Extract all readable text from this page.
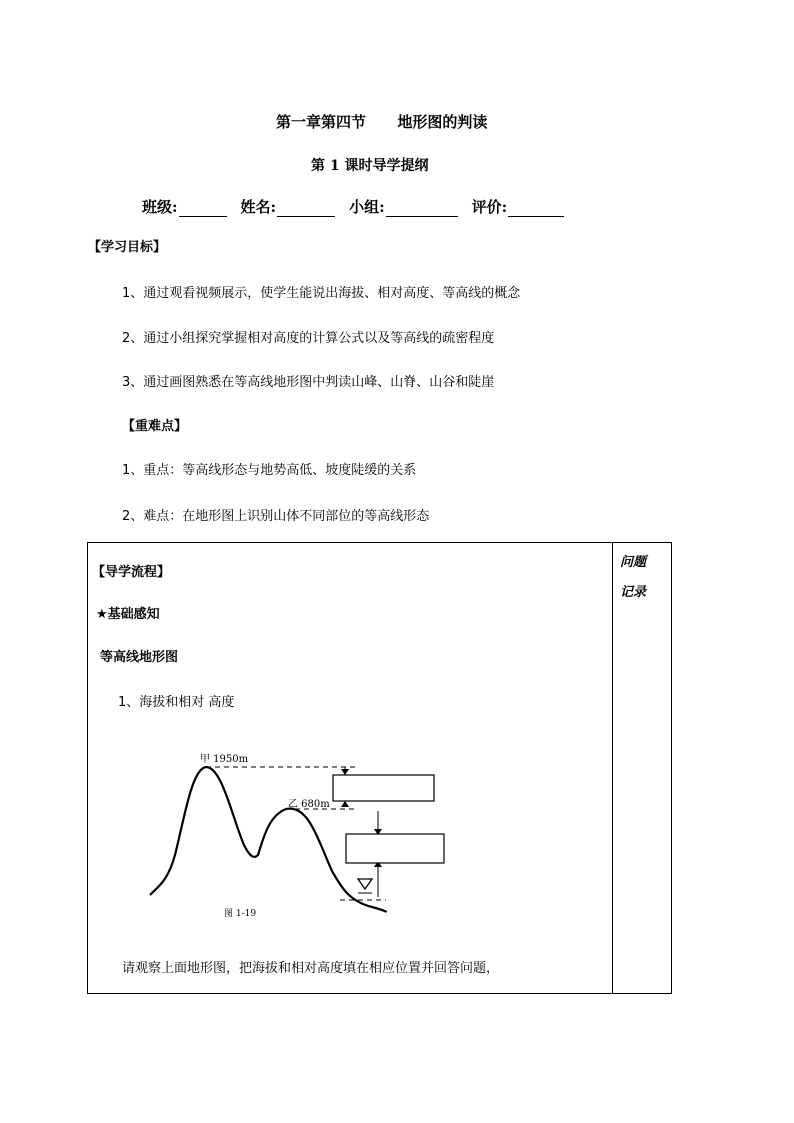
第一章第四节      地形图的判读
第 1 课时导学提纲
班级:	姓名:	小组:	评价:
【学习目标】
1、通过观看视频展示，使学生能说出海拔、相对高度、等高线的概念
2、通过小组探究掌握相对高度的计算公式以及等高线的疏密程度
3、通过画图熟悉在等高线地形图中判读山峰、山脊、山谷和陡崖
【重难点】
1、重点：等高线形态与地势高低、坡度陡缓的关系
2、难点：在地形图上识别山体不同部位的等高线形态
【导学流程】
★基础感知
等高线地形图
1、海拔和相对 高度
甲 1950m
乙 680m
图 1-19
请观察上面地形图，把海拔和相对高度填在相应位置并回答问题，
问题
记录
